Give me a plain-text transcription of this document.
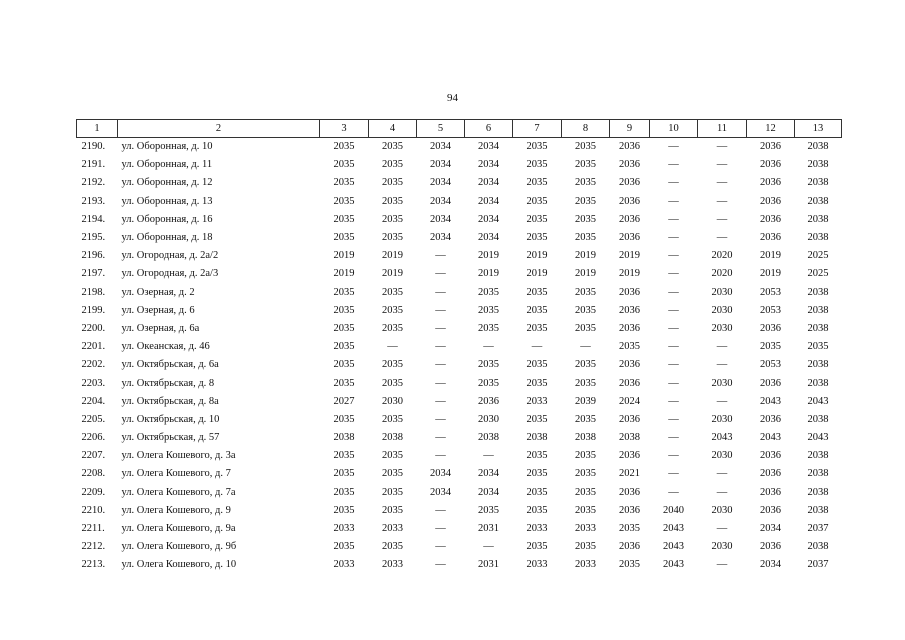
94
1	2	3	4	5	6	7	8	9	10	11	12	13
2190.	ул. Оборонная, д. 10	2035	2035	2034	2034	2035	2035	2036	—	—	2036	2038
2191.	ул. Оборонная, д. 11	2035	2035	2034	2034	2035	2035	2036	—	—	2036	2038
2192.	ул. Оборонная, д. 12	2035	2035	2034	2034	2035	2035	2036	—	—	2036	2038
2193.	ул. Оборонная, д. 13	2035	2035	2034	2034	2035	2035	2036	—	—	2036	2038
2194.	ул. Оборонная, д. 16	2035	2035	2034	2034	2035	2035	2036	—	—	2036	2038
2195.	ул. Оборонная, д. 18	2035	2035	2034	2034	2035	2035	2036	—	—	2036	2038
2196.	ул. Огородная, д. 2а/2	2019	2019	—	2019	2019	2019	2019	—	2020	2019	2025
2197.	ул. Огородная, д. 2а/3	2019	2019	—	2019	2019	2019	2019	—	2020	2019	2025
2198.	ул. Озерная, д. 2	2035	2035	—	2035	2035	2035	2036	—	2030	2053	2038
2199.	ул. Озерная, д. 6	2035	2035	—	2035	2035	2035	2036	—	2030	2053	2038
2200.	ул. Озерная, д. 6а	2035	2035	—	2035	2035	2035	2036	—	2030	2036	2038
2201.	ул. Океанская, д. 46	2035	—	—	—	—	—	2035	—	—	2035	2035
2202.	ул. Октябрьская, д. 6а	2035	2035	—	2035	2035	2035	2036	—	—	2053	2038
2203.	ул. Октябрьская, д. 8	2035	2035	—	2035	2035	2035	2036	—	2030	2036	2038
2204.	ул. Октябрьская, д. 8а	2027	2030	—	2036	2033	2039	2024	—	—	2043	2043
2205.	ул. Октябрьская, д. 10	2035	2035	—	2030	2035	2035	2036	—	2030	2036	2038
2206.	ул. Октябрьская, д. 57	2038	2038	—	2038	2038	2038	2038	—	2043	2043	2043
2207.	ул. Олега Кошевого, д. 3а	2035	2035	—	—	2035	2035	2036	—	2030	2036	2038
2208.	ул. Олега Кошевого, д. 7	2035	2035	2034	2034	2035	2035	2021	—	—	2036	2038
2209.	ул. Олега Кошевого, д. 7а	2035	2035	2034	2034	2035	2035	2036	—	—	2036	2038
2210.	ул. Олега Кошевого, д. 9	2035	2035	—	2035	2035	2035	2036	2040	2030	2036	2038
2211.	ул. Олега Кошевого, д. 9а	2033	2033	—	2031	2033	2033	2035	2043	—	2034	2037
2212.	ул. Олега Кошевого, д. 9б	2035	2035	—	—	2035	2035	2036	2043	2030	2036	2038
2213.	ул. Олега Кошевого, д. 10	2033	2033	—	2031	2033	2033	2035	2043	—	2034	2037
